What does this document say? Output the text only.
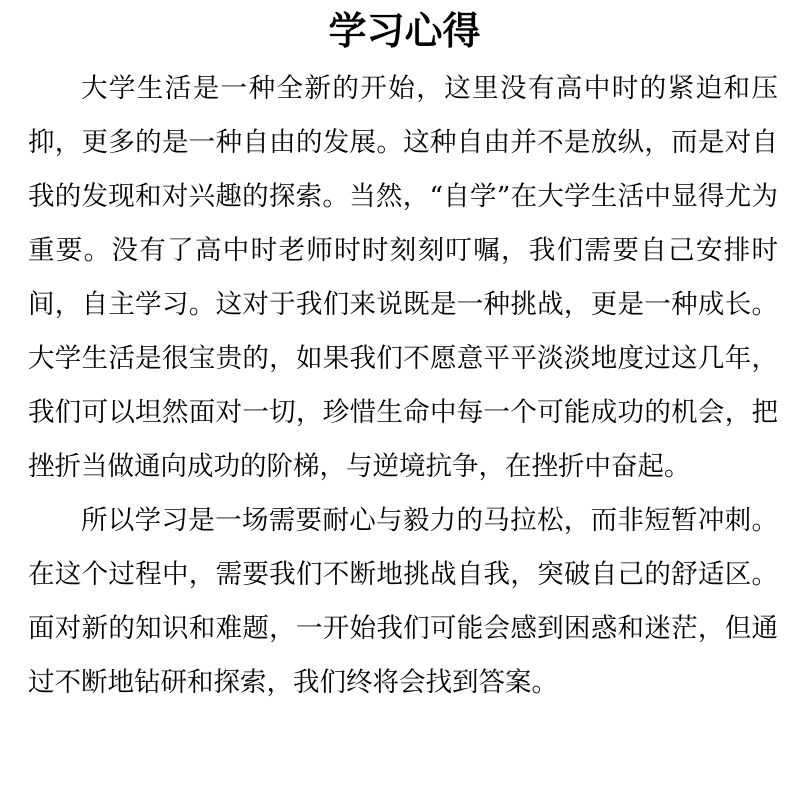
学习心得

大学生活是一种全新的开始，这里没有高中时的紧迫和压抑，更多的是一种自由的发展。这种自由并不是放纵，而是对自我的发现和对兴趣的探索。当然，“自学”在大学生活中显得尤为重要。没有了高中时老师时时刻刻叮嘱，我们需要自己安排时间，自主学习。这对于我们来说既是一种挑战，更是一种成长。大学生活是很宝贵的，如果我们不愿意平平淡淡地度过这几年，我们可以坦然面对一切，珍惜生命中每一个可能成功的机会，把挫折当做通向成功的阶梯，与逆境抗争，在挫折中奋起。

所以学习是一场需要耐心与毅力的马拉松，而非短暂冲刺。在这个过程中，需要我们不断地挑战自我，突破自己的舒适区。面对新的知识和难题，一开始我们可能会感到困惑和迷茫，但通过不断地钻研和探索，我们终将会找到答案。
